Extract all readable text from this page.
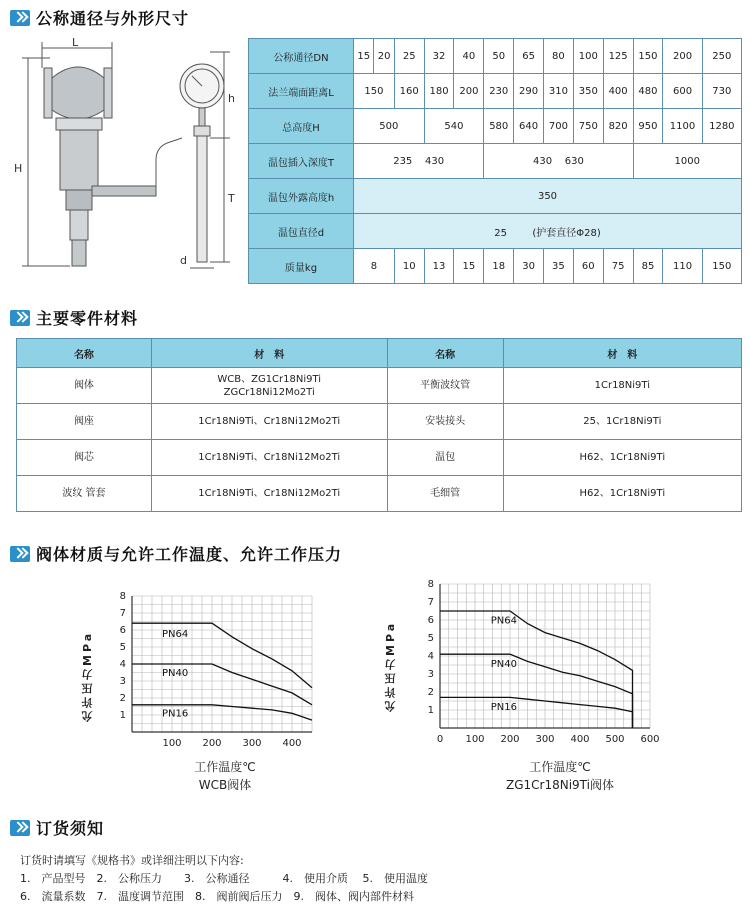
公称通径与外形尺寸
L
H
h
T
d
公称通径DN	15	20	25	32	40	50	65	80	100	125	150	200	250
法兰端面距离L	150		160	180	200	230	290	310	350	400	480	600	730
总高度H	500			540		580	640	700	750	820	950	1100	1280
温包插入深度T	235 430					430 630					1000		
温包外露高度h	350												
温包直径d	25 (护套直径Φ28)												
质量kg	8		10	13	15	18	30	35	60	75	85	110	150
主要零件材料
名称	材　料	名称	材　料
阀体	WCB、ZG1Cr18Ni9Ti
ZGCr18Ni12Mo2Ti	平衡波纹管	1Cr18Ni9Ti
阀座	1Cr18Ni9Ti、Cr18Ni12Mo2Ti	安装接头	25、1Cr18Ni9Ti
阀芯	1Cr18Ni9Ti、Cr18Ni12Mo2Ti	温包	H62、1Cr18Ni9Ti
波纹 管套	1Cr18Ni9Ti、Cr18Ni12Mo2Ti	毛细管	H62、1Cr18Ni9Ti
阀体材质与允许工作温度、允许工作压力
允许压力MPa	1
2
3
4
5
6
7
8
100 200 300 400
PN64
PN40
PN16
工作温度℃
WCB阀体
允许压力MPa	1
2
3
4
5
6
7
8
0 100 200 300 400 500 600
PN64
PN40
PN16
工作温度℃
ZG1Cr18Ni9Ti阀体
订货须知
订货时请填写《规格书》或详细注明以下内容:
1.　产品型号　2.　公称压力　　3.　公称通径　　　4.　使用介质　 5.　使用温度
6.　流量系数　7.　温度调节范围　8.　阀前阀后压力　9.　阀体、阀内部件材料
